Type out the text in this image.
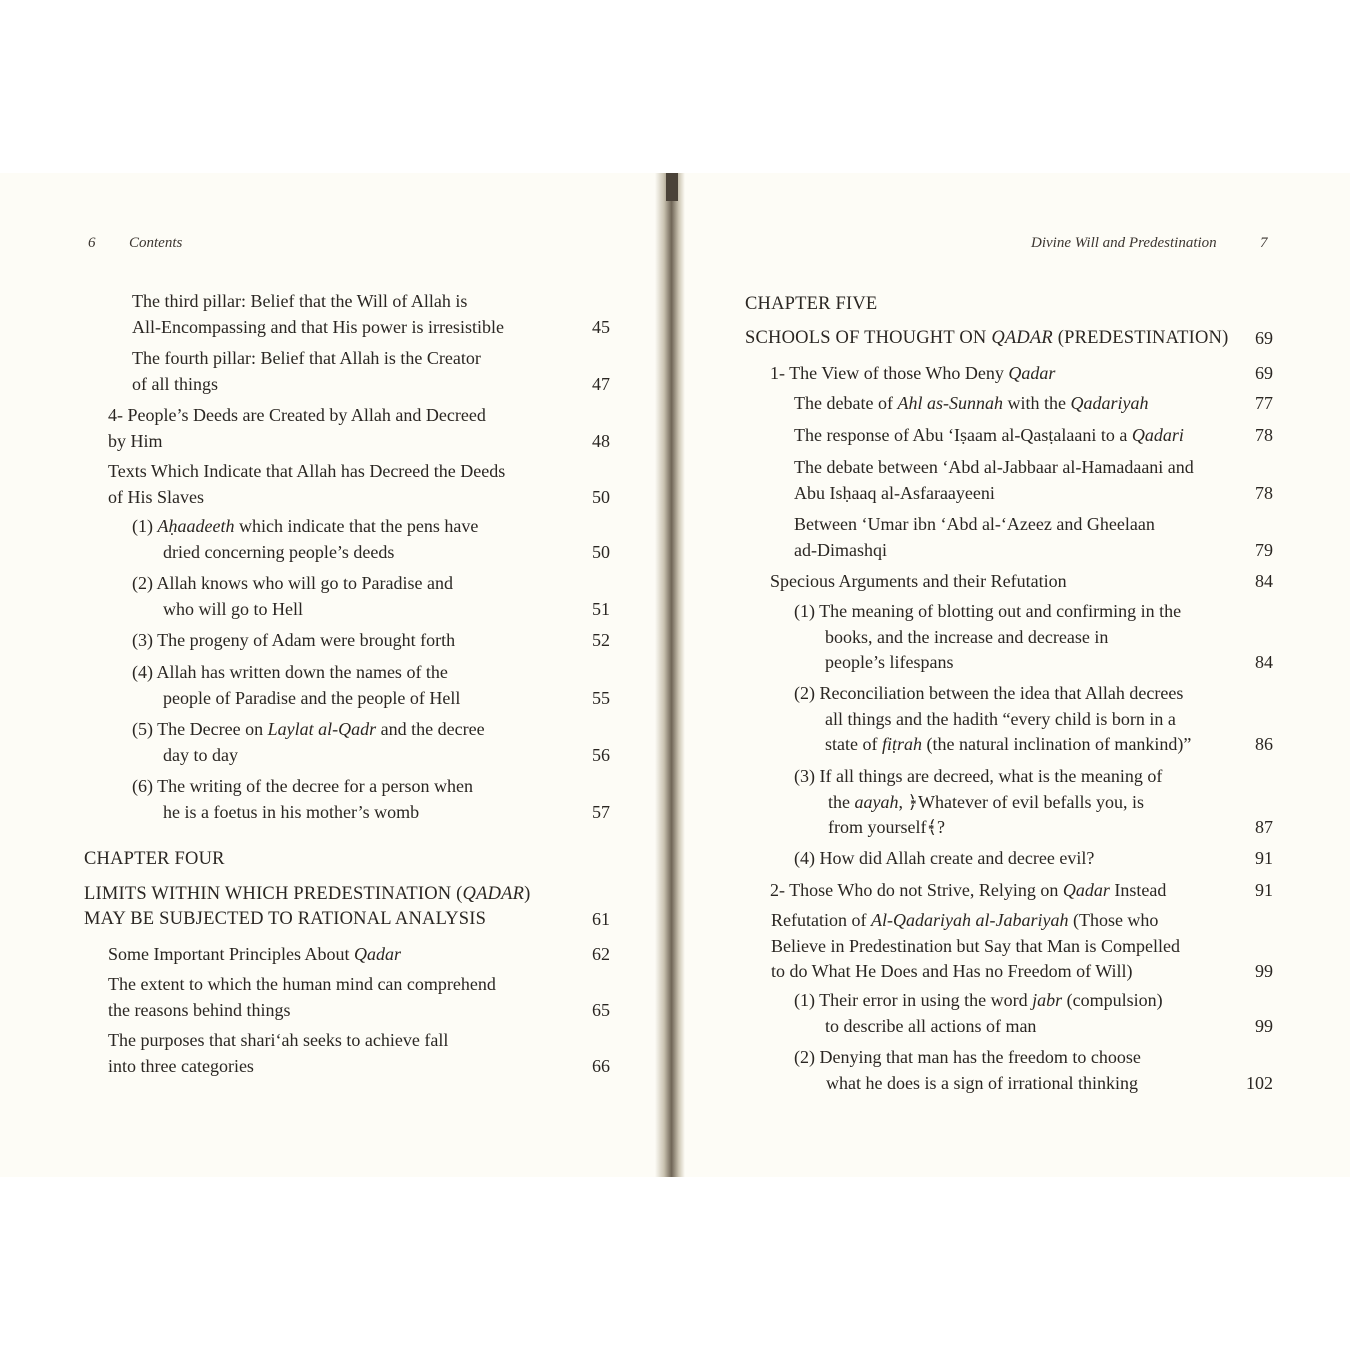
6 Contents
The third pillar: Belief that the Will of Allah is
All-Encompassing and that His power is irresistible	45
The fourth pillar: Belief that Allah is the Creator
of all things	47
4- People’s Deeds are Created by Allah and Decreed
by Him	48
Texts Which Indicate that Allah has Decreed the Deeds
of His Slaves	50
(1) Aḥaadeeth which indicate that the pens have
dried concerning people’s deeds	50
(2) Allah knows who will go to Paradise and
who will go to Hell	51
(3) The progeny of Adam were brought forth	52
(4) Allah has written down the names of the
people of Paradise and the people of Hell	55
(5) The Decree on Laylat al-Qadr and the decree
day to day	56
(6) The writing of the decree for a person when
he is a foetus in his mother’s womb	57
CHAPTER FOUR
LIMITS WITHIN WHICH PREDESTINATION (QADAR)
MAY BE SUBJECTED TO RATIONAL ANALYSIS	61
Some Important Principles About Qadar	62
The extent to which the human mind can comprehend
the reasons behind things	65
The purposes that shari‘ah seeks to achieve fall
into three categories	66
Divine Will and Predestination	7
CHAPTER FIVE
SCHOOLS OF THOUGHT ON QADAR (PREDESTINATION)	69
1- The View of those Who Deny Qadar	69
The debate of Ahl as-Sunnah with the Qadariyah	77
The response of Abu ‘Iṣaam al-Qasṭalaani to a Qadari	78
The debate between ‘Abd al-Jabbaar al-Hamadaani and
Abu Isḥaaq al-Asfaraayeeni	78
Between ‘Umar ibn ‘Abd al-‘Azeez and Gheelaan
ad-Dimashqi	79
Specious Arguments and their Refutation	84
(1) The meaning of blotting out and confirming in the
books, and the increase and decrease in
people’s lifespans	84
(2) Reconciliation between the idea that Allah decrees
all things and the hadith “every child is born in a
state of fiṭrah (the natural inclination of mankind)”	86
(3) If all things are decreed, what is the meaning of
the aayah, ﴿Whatever of evil befalls you, is
from yourself﴾?	87
(4) How did Allah create and decree evil?	91
2- Those Who do not Strive, Relying on Qadar Instead	91
Refutation of Al-Qadariyah al-Jabariyah (Those who
Believe in Predestination but Say that Man is Compelled
to do What He Does and Has no Freedom of Will)	99
(1) Their error in using the word jabr (compulsion)
to describe all actions of man	99
(2) Denying that man has the freedom to choose
what he does is a sign of irrational thinking	102
